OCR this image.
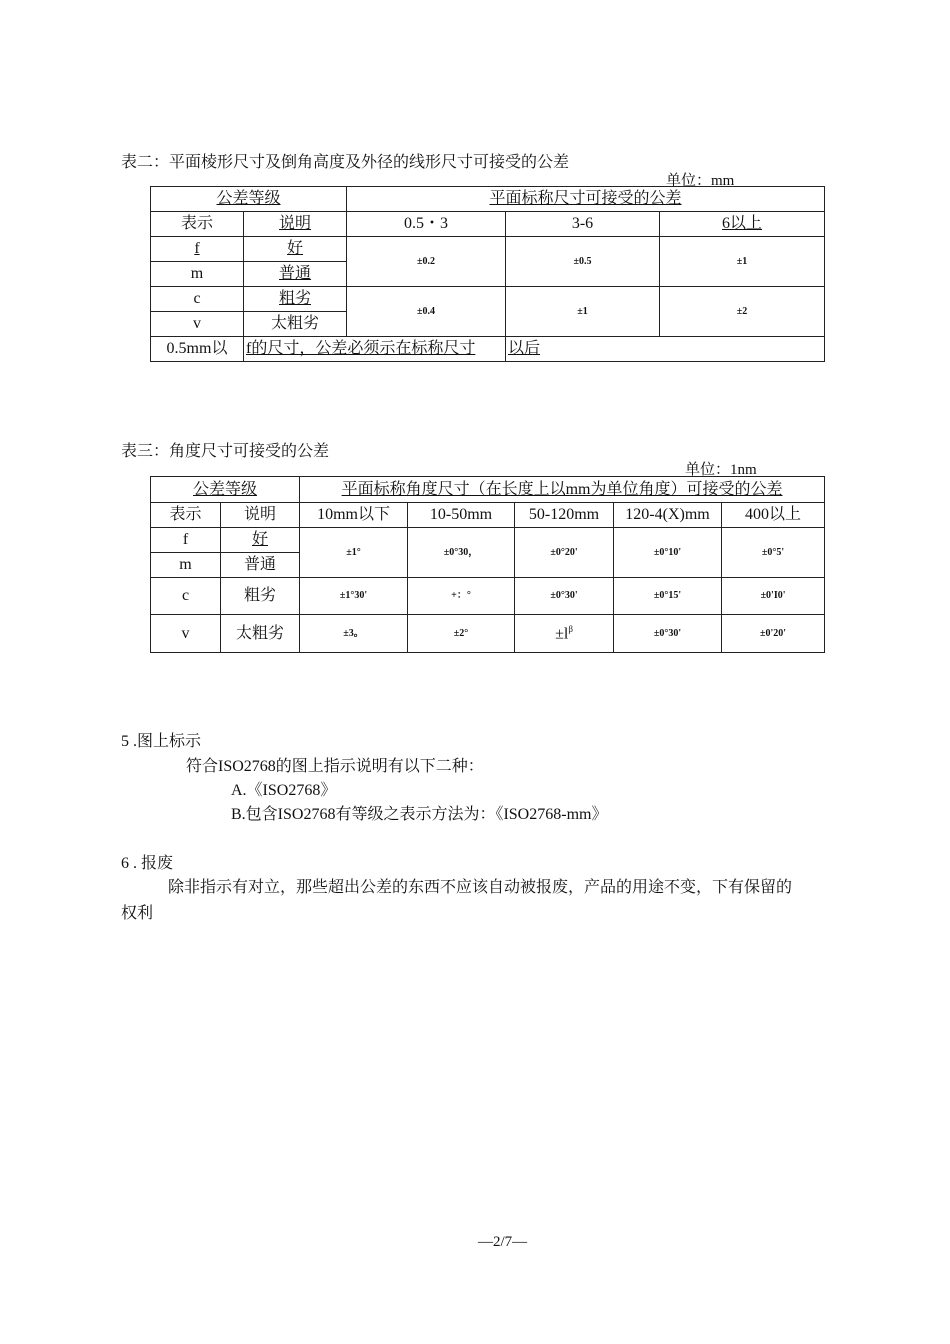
表二：平面棱形尺寸及倒角高度及外径的线形尺寸可接受的公差
单位：mm
公差等级		平面标称尺寸可接受的公差		
表示	说明	0.5・3	3-6	6以上
f	好	±0.2	±0.5	±1
m	普通			
c	粗劣	±0.4	±1	±2
v	太粗劣			
0.5mm以	f的尺寸，公差必须示在标称尺寸		以后	
表三：角度尺寸可接受的公差
单位：1nm
公差等级		平面标称角度尺寸（在长度上以mm为单位角度）可接受的公差				
表示	说明	10mm以下	10-50mm	50-120mm	120-4(X)mm	400以上
f	好	±1°	±0°30，	±0°20'	±0°10'	±0°5'
m	普通					
c	粗劣	±1°30'	+：°	±0°30'	±0°15'	±0'I0'
v	太粗劣	±3。	±2°	$\pm l^\beta$	±0°30'	±0'20'
5 .图上标示
符合ISO2768的图上指示说明有以下二种：
A.《ISO2768》
B.包含ISO2768有等级之表示方法为：《ISO2768-mm》
6 . 报废
除非指示有对立，那些超出公差的东西不应该自动被报废，产品的用途不变，下有保留的
权利
—2/7—
